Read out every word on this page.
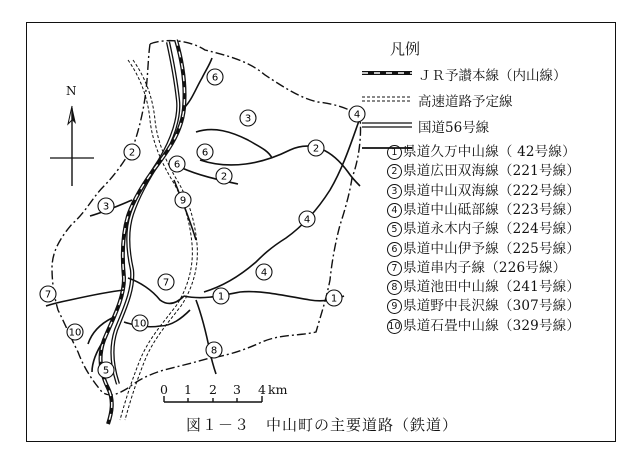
6
3	4
2
6
6	2
2
9
3
4
7
4
1	1
7
10
10
8
5
凡例
ＪＲ予讃本線（内山線）
高速道路予定線
国道56号線
1 県道久万中山線（ 42号線）
2 県道広田双海線（221号線）
3 県道中山双海線（222号線）
4 県道中山砥部線（223号線）
5 県道永木内子線（224号線）
6 県道中山伊予線（225号線）
7 県道串内子線（226号線）
8 県道池田中山線（241号線）
9 県道野中長沢線（307号線）
10 県道石畳中山線（329号線）
N
0 1 2 3 4 km
図１－３　中山町の主要道路（鉄道）
